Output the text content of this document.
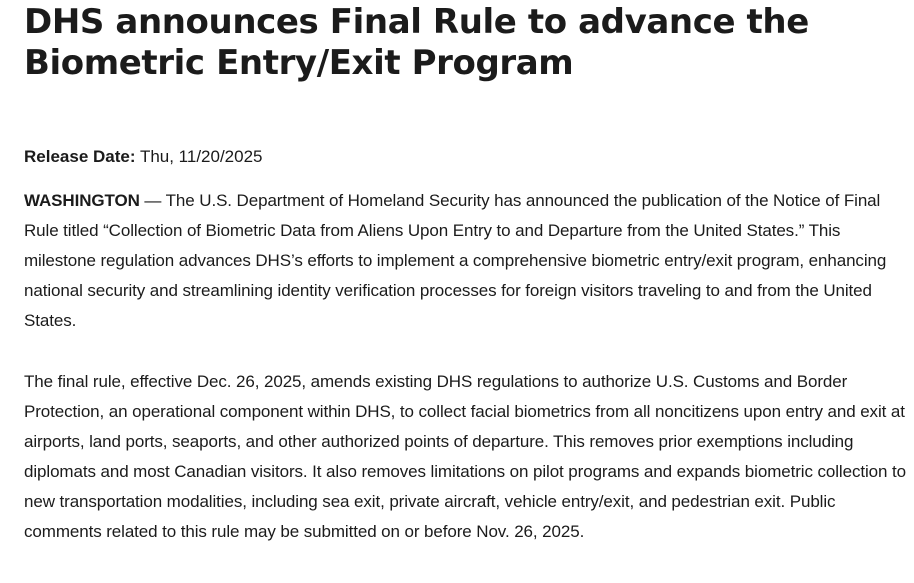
DHS announces Final Rule to advance the Biometric Entry/Exit Program

Release Date: Thu, 11/20/2025

WASHINGTON — The U.S. Department of Homeland Security has announced the publication of the Notice of Final Rule titled “Collection of Biometric Data from Aliens Upon Entry to and Departure from the United States.” This milestone regulation advances DHS’s efforts to implement a comprehensive biometric entry/exit program, enhancing national security and streamlining identity verification processes for foreign visitors traveling to and from the United States.

The final rule, effective Dec. 26, 2025, amends existing DHS regulations to authorize U.S. Customs and Border Protection, an operational component within DHS, to collect facial biometrics from all noncitizens upon entry and exit at airports, land ports, seaports, and other authorized points of departure. This removes prior exemptions including diplomats and most Canadian visitors. It also removes limitations on pilot programs and expands biometric collection to new transportation modalities, including sea exit, private aircraft, vehicle entry/exit, and pedestrian exit. Public comments related to this rule may be submitted on or before Nov. 26, 2025.
